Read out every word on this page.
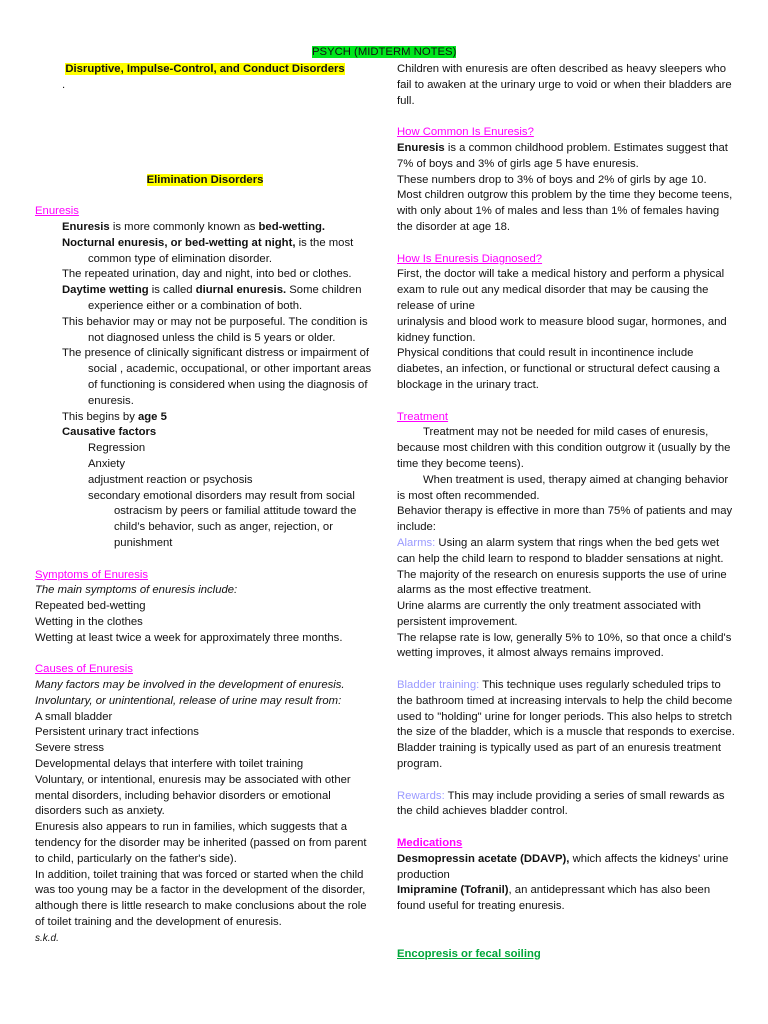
PSYCH (MIDTERM NOTES)
Disruptive, Impulse-Control, and Conduct Disorders
.
Elimination Disorders
Enuresis
Enuresis is more commonly known as bed-wetting.
Nocturnal enuresis, or bed-wetting at night, is the most common type of elimination disorder.
The repeated urination, day and night, into bed or clothes.
Daytime wetting is called diurnal enuresis. Some children experience either or a combination of both.
This behavior may or may not be purposeful. The condition is not diagnosed unless the child is 5 years or older.
The presence of clinically significant distress or impairment of social , academic, occupational, or other important areas of functioning is considered when using the diagnosis of enuresis.
This begins by age 5
Causative factors
Regression
Anxiety
adjustment reaction or psychosis
secondary emotional disorders may result from social ostracism by peers or familial attitude toward the child’s behavior, such as anger, rejection, or punishment
Symptoms of Enuresis
The main symptoms of enuresis include:
Repeated bed-wetting
Wetting in the clothes
Wetting at least twice a week for approximately three months.
Causes of Enuresis
Many factors may be involved in the development of enuresis.
Involuntary, or unintentional, release of urine may result from:
A small bladder
Persistent urinary tract infections
Severe stress
Developmental delays that interfere with toilet training
Voluntary, or intentional, enuresis may be associated with other mental disorders, including behavior disorders or emotional disorders such as anxiety.
Enuresis also appears to run in families, which suggests that a tendency for the disorder may be inherited (passed on from parent to child, particularly on the father's side).
In addition, toilet training that was forced or started when the child was too young may be a factor in the development of the disorder, although there is little research to make conclusions about the role of toilet training and the development of enuresis.
s.k.d.
Children with enuresis are often described as heavy sleepers who fail to awaken at the urinary urge to void or when their bladders are full.
How Common Is Enuresis?
Enuresis is a common childhood problem. Estimates suggest that 7% of boys and 3% of girls age 5 have enuresis.
These numbers drop to 3% of boys and 2% of girls by age 10.
Most children outgrow this problem by the time they become teens, with only about 1% of males and less than 1% of females having the disorder at age 18.
How Is Enuresis Diagnosed?
First, the doctor will take a medical history and perform a physical exam to rule out any medical disorder that may be causing the release of urine
urinalysis and blood work to measure blood sugar, hormones, and kidney function.
Physical conditions that could result in incontinence include diabetes, an infection, or functional or structural defect causing a blockage in the urinary tract.
Treatment
Treatment may not be needed for mild cases of enuresis, because most children with this condition outgrow it (usually by the time they become teens).
When treatment is used, therapy aimed at changing behavior is most often recommended.
Behavior therapy is effective in more than 75% of patients and may include:
Alarms: Using an alarm system that rings when the bed gets wet can help the child learn to respond to bladder sensations at night.
The majority of the research on enuresis supports the use of urine alarms as the most effective treatment.
Urine alarms are currently the only treatment associated with persistent improvement.
The relapse rate is low, generally 5% to 10%, so that once a child's wetting improves, it almost always remains improved.
Bladder training: This technique uses regularly scheduled trips to the bathroom timed at increasing intervals to help the child become used to "holding" urine for longer periods. This also helps to stretch the size of the bladder, which is a muscle that responds to exercise. Bladder training is typically used as part of an enuresis treatment program.
Rewards: This may include providing a series of small rewards as the child achieves bladder control.
Medications
Desmopressin acetate (DDAVP), which affects the kidneys' urine production
Imipramine (Tofranil), an antidepressant which has also been found useful for treating enuresis.
Encopresis or fecal soiling
